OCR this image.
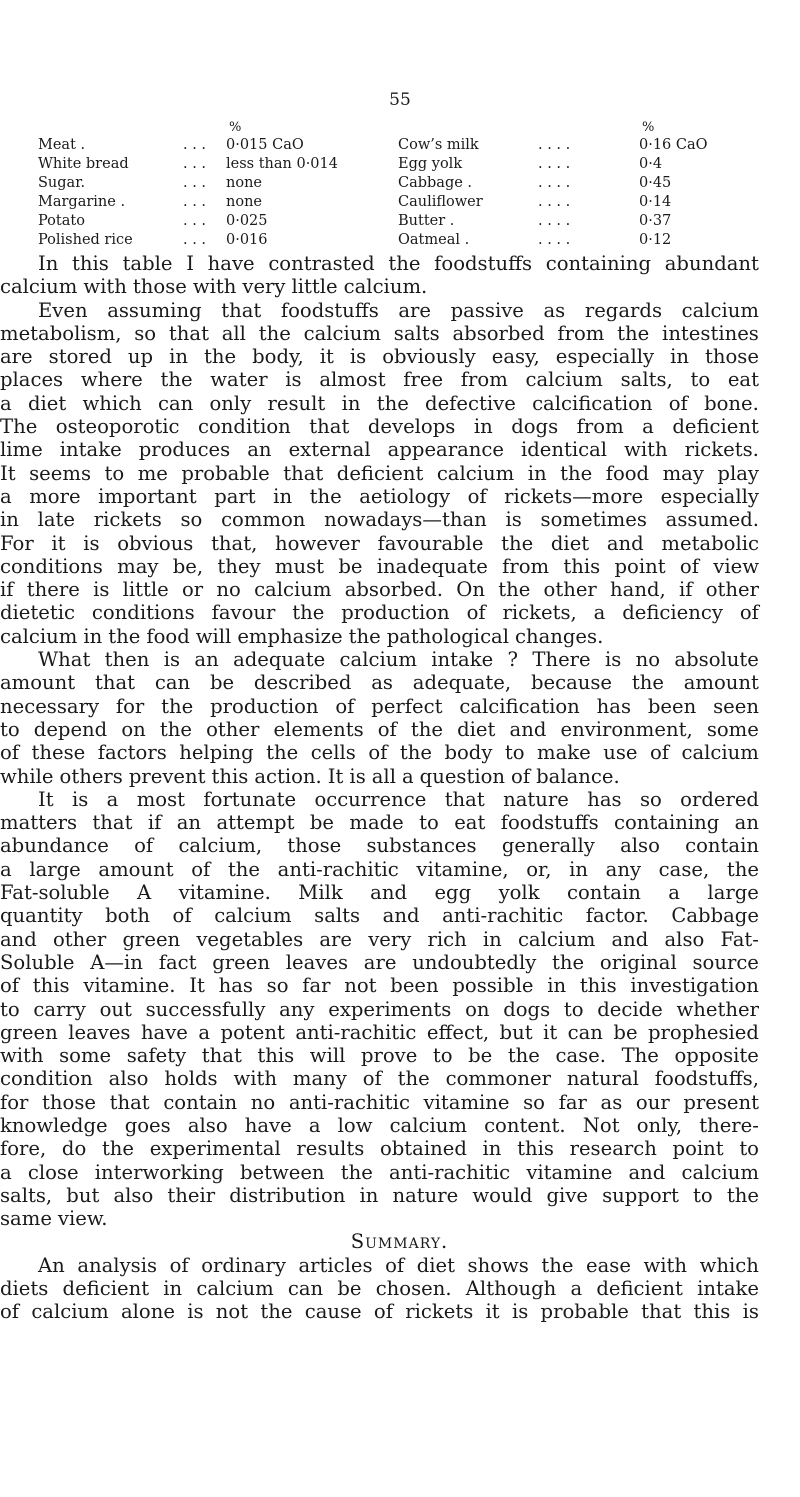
55
%	%
Meat .	. . . 0·015 CaO	Cow’s milk	. . . .	0·16 CaO
White bread	. . . less than 0·014	Egg yolk	. . . .	0·4
Sugar.	. . . none	Cabbage .	. . . .	0·45
Margarine .	. . . none	Cauliflower	. . . .	0·14
Potato	. . . 0·025	Butter .	. . . .	0·37
Polished rice	. . . 0·016	Oatmeal .	. . . .	0·12
In this table I have contrasted the foodstuffs containing abundant
calcium with those with very little calcium.
Even assuming that foodstuffs are passive as regards calcium
metabolism, so that all the calcium salts absorbed from the intestines
are stored up in the body, it is obviously easy, especially in those
places where the water is almost free from calcium salts, to eat
a diet which can only result in the defective calcification of bone.
The osteoporotic condition that develops in dogs from a deficient
lime intake produces an external appearance identical with rickets.
It seems to me probable that deficient calcium in the food may play
a more important part in the aetiology of rickets—more especially
in late rickets so common nowadays—than is sometimes assumed.
For it is obvious that, however favourable the diet and metabolic
conditions may be, they must be inadequate from this point of view
if there is little or no calcium absorbed. On the other hand, if other
dietetic conditions favour the production of rickets, a deficiency of
calcium in the food will emphasize the pathological changes.
What then is an adequate calcium intake ? There is no absolute
amount that can be described as adequate, because the amount
necessary for the production of perfect calcification has been seen
to depend on the other elements of the diet and environment, some
of these factors helping the cells of the body to make use of calcium
while others prevent this action. It is all a question of balance.
It is a most fortunate occurrence that nature has so ordered
matters that if an attempt be made to eat foodstuffs containing an
abundance of calcium, those substances generally also contain
a large amount of the anti-rachitic vitamine, or, in any case, the
Fat-soluble A vitamine. Milk and egg yolk contain a large
quantity both of calcium salts and anti-rachitic factor. Cabbage
and other green vegetables are very rich in calcium and also Fat-
Soluble A—in fact green leaves are undoubtedly the original source
of this vitamine. It has so far not been possible in this investigation
to carry out successfully any experiments on dogs to decide whether
green leaves have a potent anti-rachitic effect, but it can be prophesied
with some safety that this will prove to be the case. The opposite
condition also holds with many of the commoner natural foodstuffs,
for those that contain no anti-rachitic vitamine so far as our present
knowledge goes also have a low calcium content. Not only, there-
fore, do the experimental results obtained in this research point to
a close interworking between the anti-rachitic vitamine and calcium
salts, but also their distribution in nature would give support to the
same view.
Summary.
An analysis of ordinary articles of diet shows the ease with which
diets deficient in calcium can be chosen. Although a deficient intake
of calcium alone is not the cause of rickets it is probable that this is
